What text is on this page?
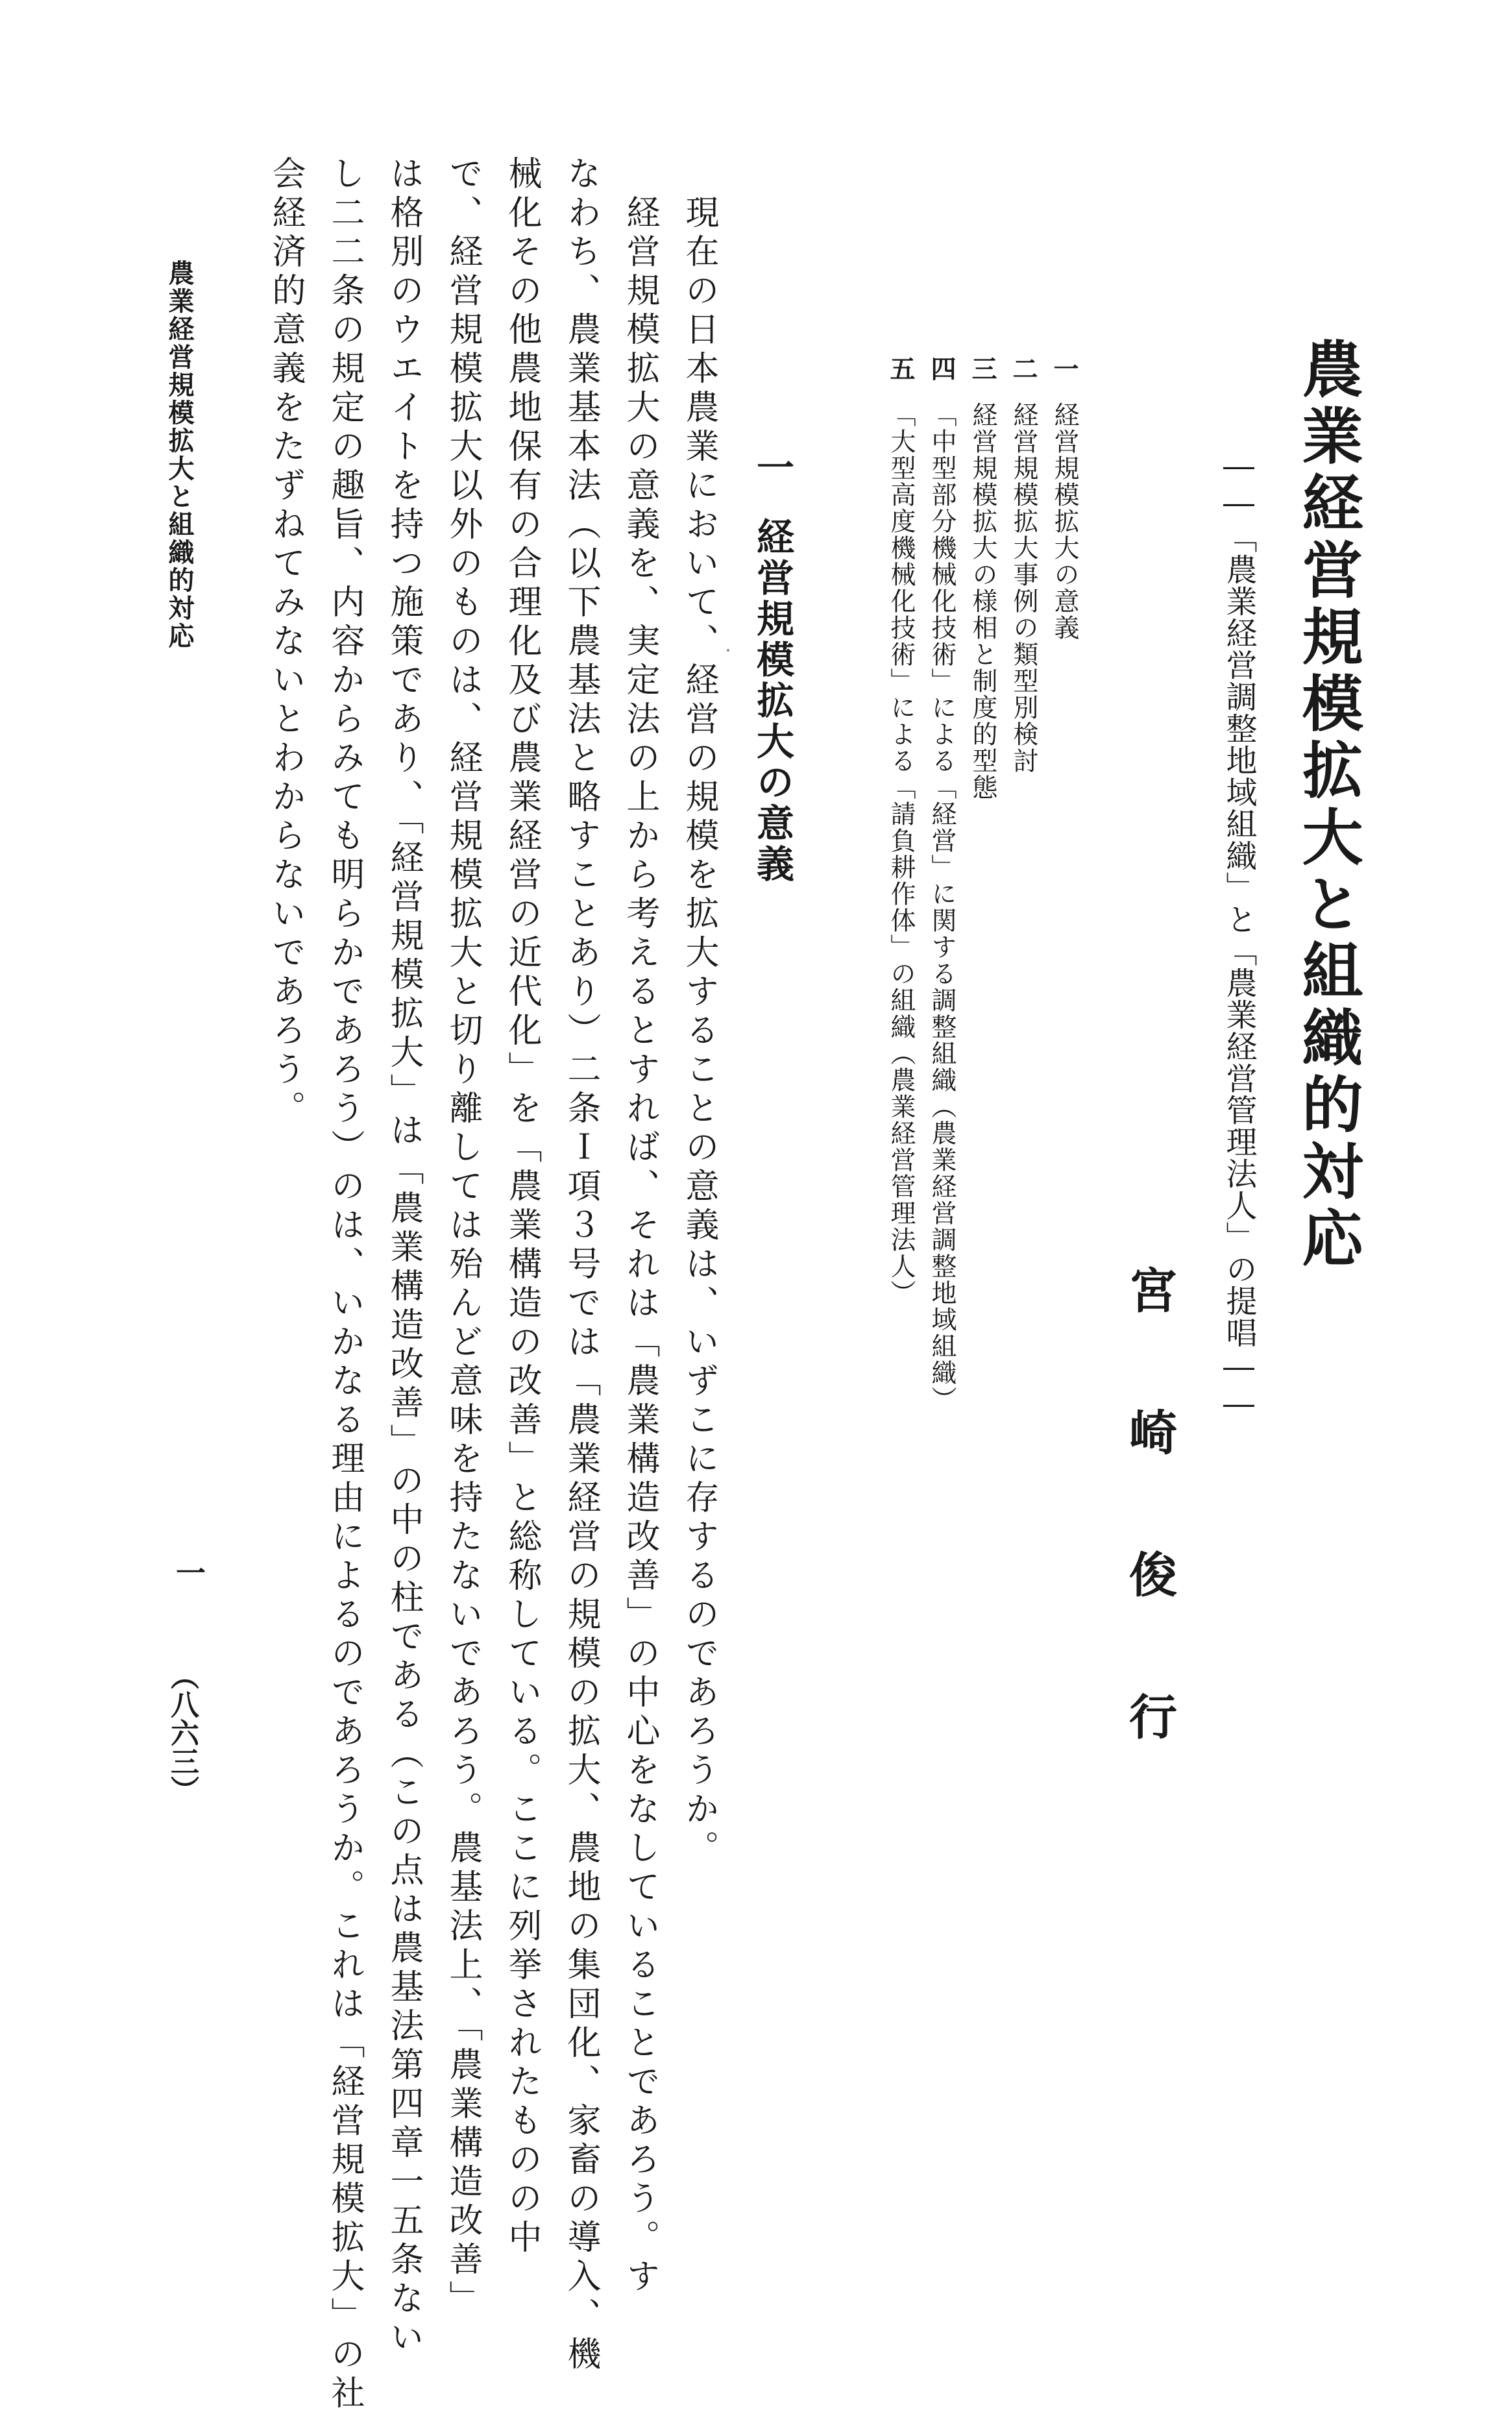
農業経営規模拡大と組織的対応
――「農業経営調整地域組織」と「農業経営管理法人」の提唱――
宮崎俊行
一経営規模拡大の意義
二経営規模拡大事例の類型別検討
三経営規模拡大の様相と制度的型態
四「中型部分機械化技術」による「経営」に関する調整組織（農業経営調整地域組織）
五「大型高度機械化技術」による「請負耕作体」の組織（農業経営管理法人）
一経営規模拡大の意義
現在の日本農業において、経営の規模を拡大することの意義は、いずこに存するのであろうか。
経営規模拡大の意義を、実定法の上から考えるとすれば、それは「農業構造改善」の中心をなしていることであろう。す
なわち、農業基本法（以下農基法と略すことあり）二条Ｉ項３号では「農業経営の規模の拡大、農地の集団化、家畜の導入、機
械化その他農地保有の合理化及び農業経営の近代化」を「農業構造の改善」と総称している。ここに列挙されたものの中
で、経営規模拡大以外のものは、経営規模拡大と切り離しては殆んど意味を持たないであろう。農基法上、「農業構造改善」
は格別のウエイトを持つ施策であり、「経営規模拡大」は「農業構造改善」の中の柱である（この点は農基法第四章一五条ない
し二二条の規定の趣旨、内容からみても明らかであろう）のは、いかなる理由によるのであろうか。これは「経営規模拡大」の社
会経済的意義をたずねてみないとわからないであろう。
農業経営規模拡大と組織的対応
一
（八六三）
